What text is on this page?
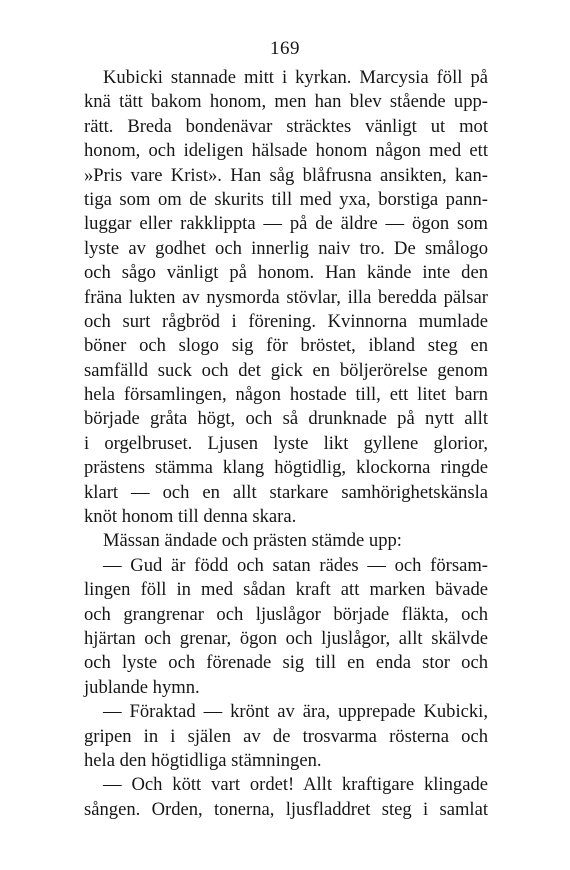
169
Kubicki stannade mitt i kyrkan. Marcysia föll på
knä tätt bakom honom, men han blev stående upp-
rätt. Breda bondenävar sträcktes vänligt ut mot
honom, och ideligen hälsade honom någon med ett
»Pris vare Krist». Han såg blåfrusna ansikten, kan-
tiga som om de skurits till med yxa, borstiga pann-
luggar eller rakklippta — på de äldre — ögon som
lyste av godhet och innerlig naiv tro. De smålogo
och sågo vänligt på honom. Han kände inte den
fräna lukten av nysmorda stövlar, illa beredda pälsar
och surt rågbröd i förening. Kvinnorna mumlade
böner och slogo sig för bröstet, ibland steg en
samfälld suck och det gick en böljerörelse genom
hela församlingen, någon hostade till, ett litet barn
började gråta högt, och så drunknade på nytt allt
i orgelbruset. Ljusen lyste likt gyllene glorior,
prästens stämma klang högtidlig, klockorna ringde
klart — och en allt starkare samhörighetskänsla
knöt honom till denna skara.
Mässan ändade och prästen stämde upp:
— Gud är född och satan rädes — och försam-
lingen föll in med sådan kraft att marken bävade
och grangrenar och ljuslågor började fläkta, och
hjärtan och grenar, ögon och ljuslågor, allt skälvde
och lyste och förenade sig till en enda stor och
jublande hymn.
— Föraktad — krönt av ära, upprepade Kubicki,
gripen in i själen av de trosvarma rösterna och
hela den högtidliga stämningen.
— Och kött vart ordet! Allt kraftigare klingade
sången. Orden, tonerna, ljusfladdret steg i samlat
